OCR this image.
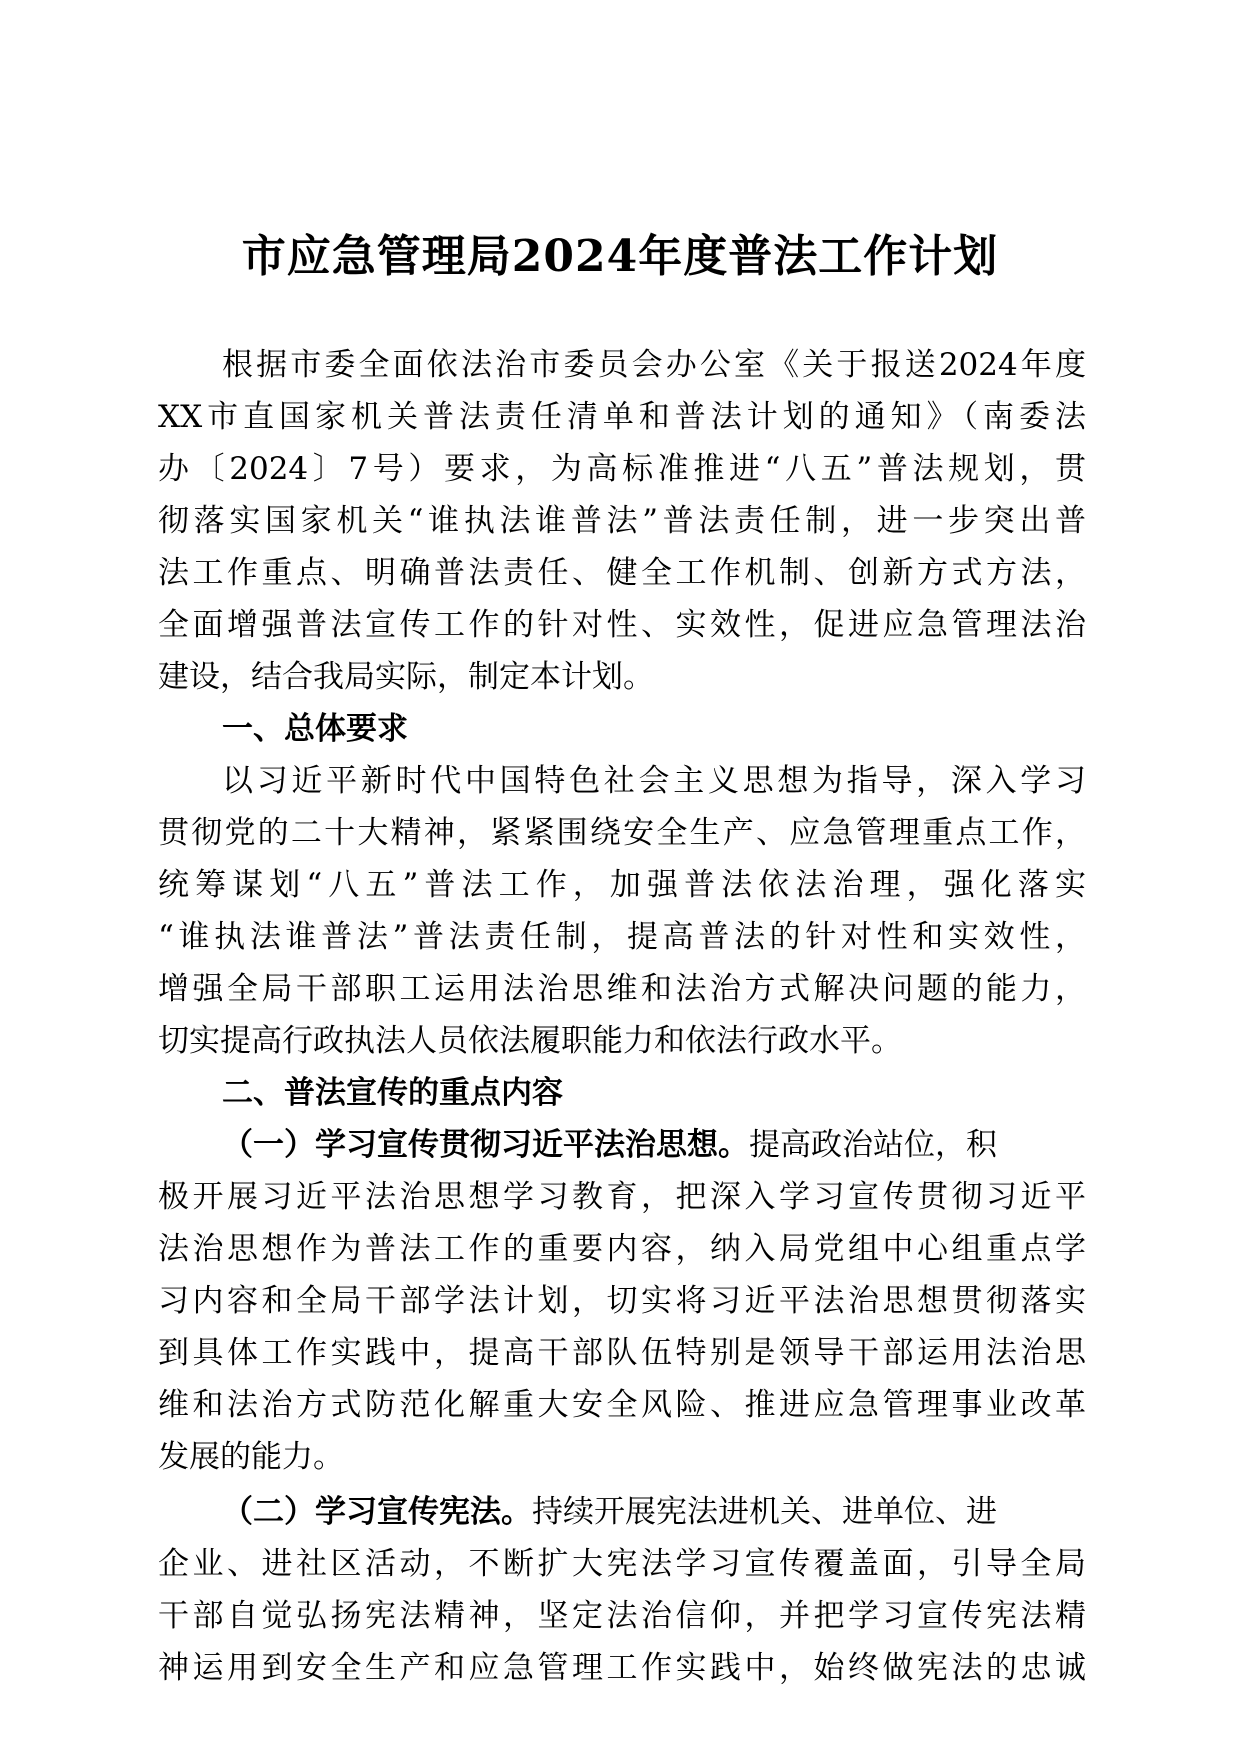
市应急管理局2024年度普法工作计划
根据市委全面依法治市委员会办公室《关于报送2024年度
XX市直国家机关普法责任清单和普法计划的通知》（南委法
办〔2024〕7号）要求，为高标准推进“八五”普法规划，贯
彻落实国家机关“谁执法谁普法”普法责任制，进一步突出普
法工作重点、明确普法责任、健全工作机制、创新方式方法，
全面增强普法宣传工作的针对性、实效性，促进应急管理法治
建设，结合我局实际，制定本计划。
一、总体要求
以习近平新时代中国特色社会主义思想为指导，深入学习
贯彻党的二十大精神，紧紧围绕安全生产、应急管理重点工作，
统筹谋划“八五”普法工作，加强普法依法治理，强化落实
“谁执法谁普法”普法责任制，提高普法的针对性和实效性，
增强全局干部职工运用法治思维和法治方式解决问题的能力，
切实提高行政执法人员依法履职能力和依法行政水平。
二、普法宣传的重点内容
（一）学习宣传贯彻习近平法治思想。提高政治站位，积
极开展习近平法治思想学习教育，把深入学习宣传贯彻习近平
法治思想作为普法工作的重要内容，纳入局党组中心组重点学
习内容和全局干部学法计划，切实将习近平法治思想贯彻落实
到具体工作实践中，提高干部队伍特别是领导干部运用法治思
维和法治方式防范化解重大安全风险、推进应急管理事业改革
发展的能力。
（二）学习宣传宪法。持续开展宪法进机关、进单位、进
企业、进社区活动，不断扩大宪法学习宣传覆盖面，引导全局
干部自觉弘扬宪法精神，坚定法治信仰，并把学习宣传宪法精
神运用到安全生产和应急管理工作实践中，始终做宪法的忠诚
